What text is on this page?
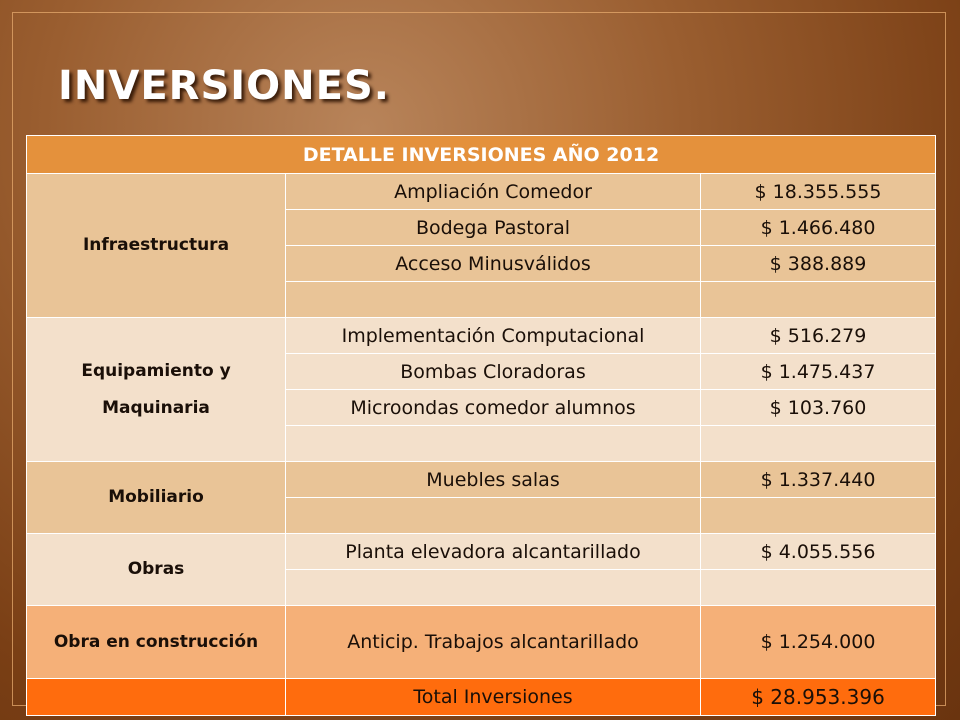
INVERSIONES.
DETALLE INVERSIONES AÑO 2012		
Infraestructura	Ampliación Comedor	$ 18.355.555
	Bodega Pastoral	$ 1.466.480
	Acceso Minusválidos	$ 388.889

Equipamiento y Maquinaria	Implementación Computacional	$ 516.279
	Bombas Cloradoras	$ 1.475.437
	Microondas comedor alumnos	$ 103.760

Mobiliario	Muebles salas	$ 1.337.440

Obras	Planta elevadora alcantarillado	$ 4.055.556

Obra en construcción	Anticip. Trabajos alcantarillado	$ 1.254.000
	Total Inversiones	$ 28.953.396
